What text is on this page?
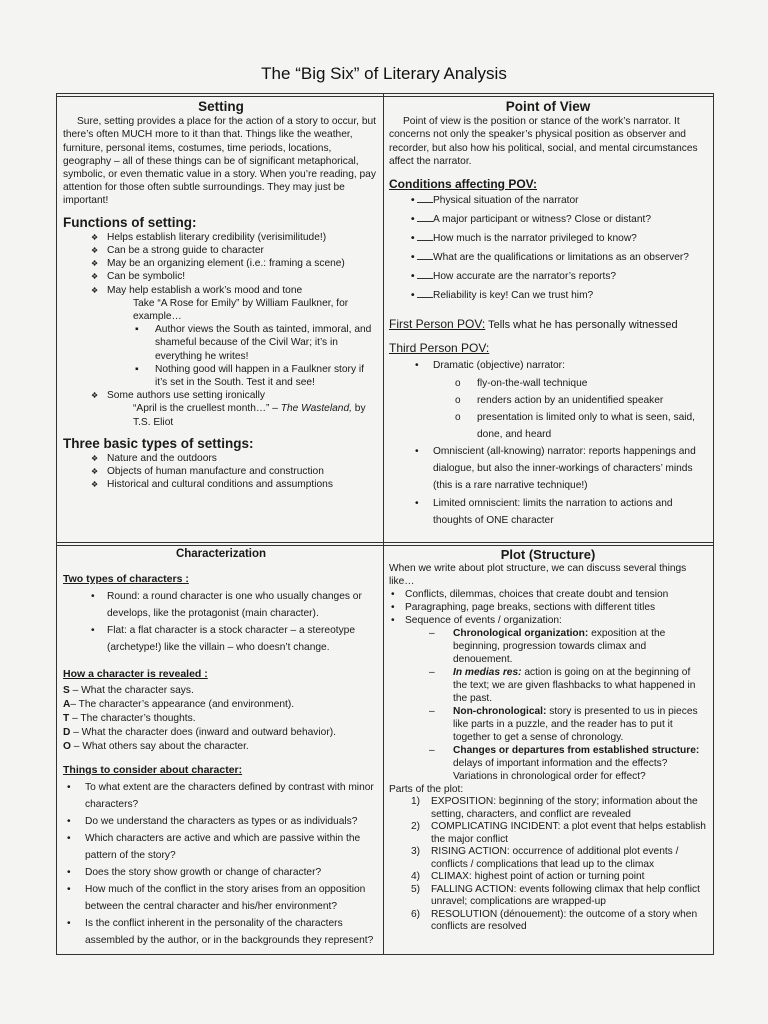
The “Big Six” of Literary Analysis
Setting

Sure, setting provides a place for the action of a story to occur, but there’s often MUCH more to it than that. Things like the weather, furniture, personal items, costumes, time periods, locations, geography – all of these things can be of significant metaphorical, symbolic, or even thematic value in a story. When you’re reading, pay attention for those often subtle surroundings. They may just be important!

Functions of setting:
❖ Helps establish literary credibility (verisimilitude!)
❖ Can be a strong guide to character
❖ May be an organizing element (i.e.: framing a scene)
❖ Can be symbolic!
❖ May help establish a work’s mood and tone
Take “A Rose for Emily” by William Faulkner, for example…
▪ Author views the South as tainted, immoral, and shameful because of the Civil War; it’s in everything he writes!
▪ Nothing good will happen in a Faulkner story if it’s set in the South. Test it and see!
❖ Some authors use setting ironically
“April is the cruellest month…” – The Wasteland, by T.S. Eliot
Three basic types of settings:
❖ Nature and the outdoors
❖ Objects of human manufacture and construction
❖ Historical and cultural conditions and assumptions
Point of View

Point of view is the position or stance of the work’s narrator. It concerns not only the speaker’s physical position as observer and recorder, but also how his political, social, and mental circumstances affect the narrator.

Conditions affecting POV:
• Physical situation of the narrator
• A major participant or witness? Close or distant?
• How much is the narrator privileged to know?
• What are the qualifications or limitations as an observer?
• How accurate are the narrator’s reports?
• Reliability is key! Can we trust him?
First Person POV: Tells what he has personally witnessed
Third Person POV:
• Dramatic (objective) narrator:
o fly-on-the-wall technique
o renders action by an unidentified speaker
o presentation is limited only to what is seen, said, done, and heard
• Omniscient (all-knowing) narrator: reports happenings and dialogue, but also the inner-workings of characters’ minds (this is a rare narrative technique!)
• Limited omniscient: limits the narration to actions and thoughts of ONE character
Characterization
Two types of characters :
• Round: a round character is one who usually changes or develops, like the protagonist (main character).
• Flat: a flat character is a stock character – a stereotype (archetype!) like the villain – who doesn’t change.
How a character is revealed :

S – What the character says.

A– The character’s appearance (and environment).

T – The character’s thoughts.

D – What the character does (inward and outward behavior).

O – What others say about the character.

Things to consider about character:
• To what extent are the characters defined by contrast with minor characters?
• Do we understand the characters as types or as individuals?
• Which characters are active and which are passive within the pattern of the story?
• Does the story show growth or change of character?
• How much of the conflict in the story arises from an opposition between the central character and his/her environment?
• Is the conflict inherent in the personality of the characters assembled by the author, or in the backgrounds they represent?
Plot (Structure)

When we write about plot structure, we can discuss several things like…

• Conflicts, dilemmas, choices that create doubt and tension
• Paragraphing, page breaks, sections with different titles
• Sequence of events / organization:
– Chronological organization: exposition at the beginning, progression towards climax and denouement.
– In medias res: action is going on at the beginning of the text; we are given flashbacks to what happened in the past.
– Non-chronological: story is presented to us in pieces like parts in a puzzle, and the reader has to put it together to get a sense of chronology.
– Changes or departures from established structure: delays of important information and the effects? Variations in chronological order for effect?
Parts of the plot:
1) EXPOSITION: beginning of the story; information about the setting, characters, and conflict are revealed
2) COMPLICATING INCIDENT: a plot event that helps establish the major conflict
3) RISING ACTION: occurrence of additional plot events / conflicts / complications that lead up to the climax
4) CLIMAX: highest point of action or turning point
5) FALLING ACTION: events following climax that help conflict unravel; complications are wrapped-up
6) RESOLUTION (dénouement): the outcome of a story when conflicts are resolved
